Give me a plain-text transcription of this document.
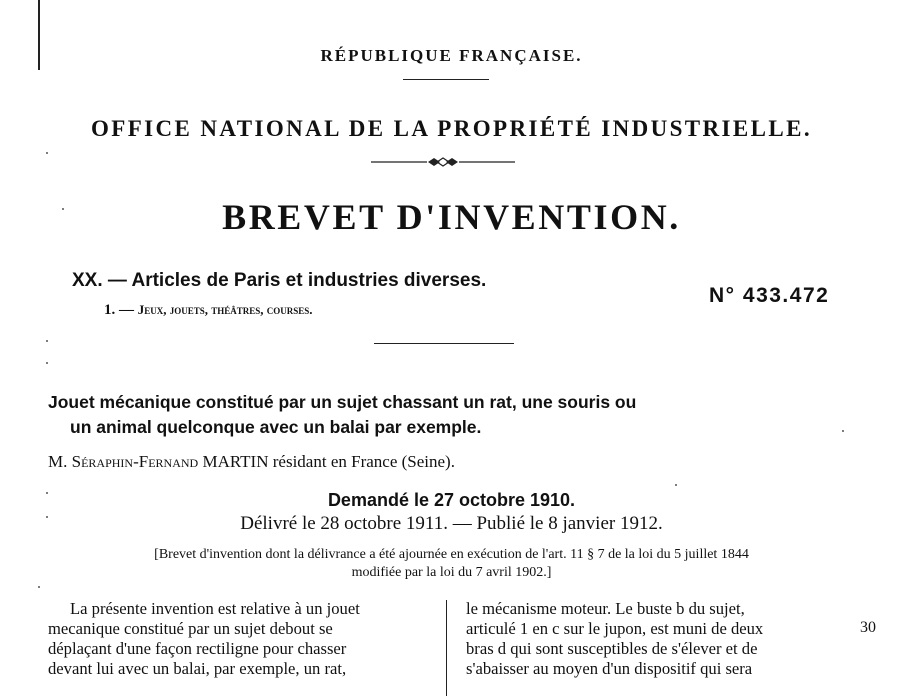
RÉPUBLIQUE FRANÇAISE.
OFFICE NATIONAL DE LA PROPRIÉTÉ INDUSTRIELLE.
BREVET D'INVENTION.
XX. — Articles de Paris et industries diverses.
1. — Jeux, jouets, théâtres, courses.
N° 433.472
Jouet mécanique constitué par un sujet chassant un rat, une souris ou
un animal quelconque avec un balai par exemple.
M. Séraphin-Fernand MARTIN résidant en France (Seine).
Demandé le 27 octobre 1910.
Délivré le 28 octobre 1911. — Publié le 8 janvier 1912.
[Brevet d'invention dont la délivrance a été ajournée en exécution de l'art. 11 § 7 de la loi du 5 juillet 1844
modifiée par la loi du 7 avril 1902.]
La présente invention est relative à un jouet
mecanique constitué par un sujet debout se
déplaçant d'une façon rectiligne pour chasser
devant lui avec un balai, par exemple, un rat,
le mécanisme moteur. Le buste b du sujet,
articulé 1 en c sur le jupon, est muni de deux
bras d qui sont susceptibles de s'élever et de
s'abaisser au moyen d'un dispositif qui sera
30
